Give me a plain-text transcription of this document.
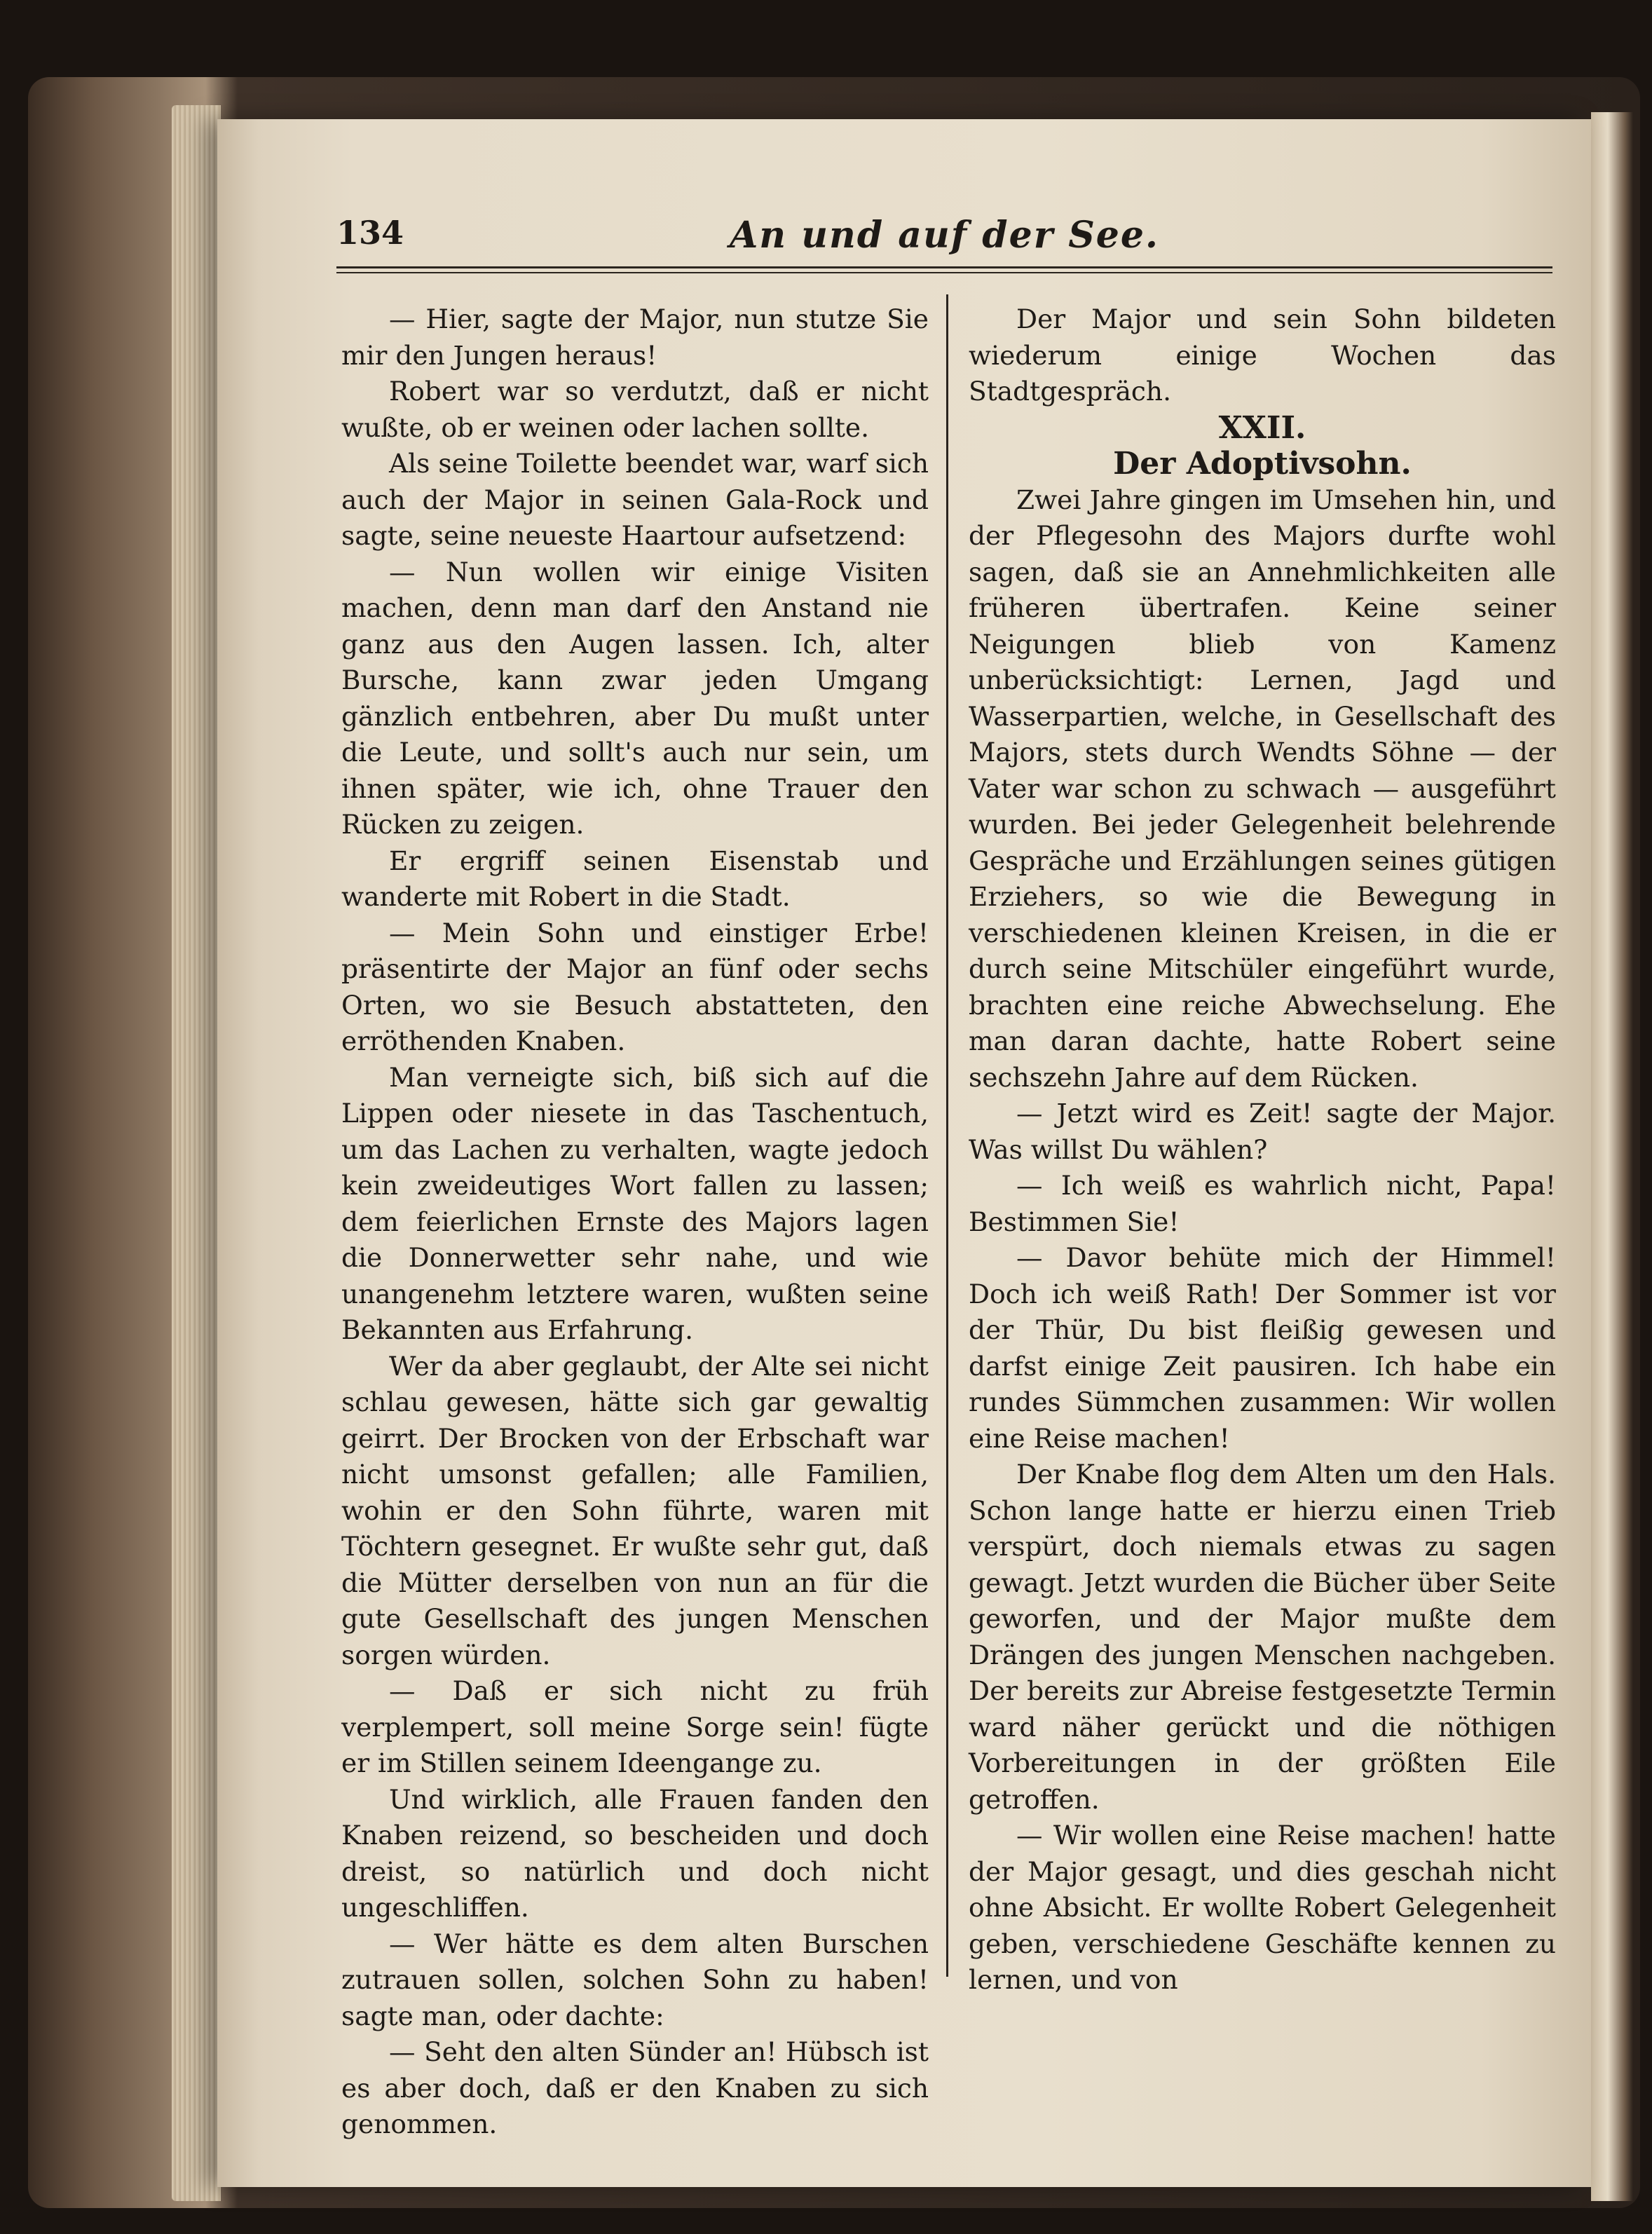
134	An und auf der See.

— Hier, sagte der Major, nun stutze Sie mir den Jungen heraus!

Robert war so verdutzt, daß er nicht wußte, ob er weinen oder lachen sollte.

Als seine Toilette beendet war, warf sich auch der Major in seinen Gala-Rock und sagte, seine neueste Haartour aufsetzend:

— Nun wollen wir einige Visiten machen, denn man darf den Anstand nie ganz aus den Augen lassen. Ich, alter Bursche, kann zwar jeden Umgang gänzlich entbehren, aber Du mußt unter die Leute, und sollt's auch nur sein, um ihnen später, wie ich, ohne Trauer den Rücken zu zeigen.

Er ergriff seinen Eisenstab und wanderte mit Robert in die Stadt.

— Mein Sohn und einstiger Erbe! präsentirte der Major an fünf oder sechs Orten, wo sie Besuch abstatteten, den erröthenden Knaben.

Man verneigte sich, biß sich auf die Lippen oder niesete in das Taschentuch, um das Lachen zu verhalten, wagte jedoch kein zweideutiges Wort fallen zu lassen; dem feierlichen Ernste des Majors lagen die Donnerwetter sehr nahe, und wie unangenehm letztere waren, wußten seine Bekannten aus Erfahrung.

Wer da aber geglaubt, der Alte sei nicht schlau gewesen, hätte sich gar gewaltig geirrt. Der Brocken von der Erbschaft war nicht umsonst gefallen; alle Familien, wohin er den Sohn führte, waren mit Töchtern gesegnet. Er wußte sehr gut, daß die Mütter derselben von nun an für die gute Gesellschaft des jungen Menschen sorgen würden.

— Daß er sich nicht zu früh verplempert, soll meine Sorge sein! fügte er im Stillen seinem Ideengange zu.

Und wirklich, alle Frauen fanden den Knaben reizend, so bescheiden und doch dreist, so natürlich und doch nicht ungeschliffen.

— Wer hätte es dem alten Burschen zutrauen sollen, solchen Sohn zu haben! sagte man, oder dachte:

— Seht den alten Sünder an! Hübsch ist es aber doch, daß er den Knaben zu sich genommen.

Der Major und sein Sohn bildeten wiederum einige Wochen das Stadtgespräch.

XXII.

Der Adoptivsohn.

Zwei Jahre gingen im Umsehen hin, und der Pflegesohn des Majors durfte wohl sagen, daß sie an Annehmlichkeiten alle früheren übertrafen. Keine seiner Neigungen blieb von Kamenz unberücksichtigt: Lernen, Jagd und Wasserpartien, welche, in Gesellschaft des Majors, stets durch Wendts Söhne — der Vater war schon zu schwach — ausgeführt wurden. Bei jeder Gelegenheit belehrende Gespräche und Erzählungen seines gütigen Erziehers, so wie die Bewegung in verschiedenen kleinen Kreisen, in die er durch seine Mitschüler eingeführt wurde, brachten eine reiche Abwechselung. Ehe man daran dachte, hatte Robert seine sechszehn Jahre auf dem Rücken.

— Jetzt wird es Zeit! sagte der Major. Was willst Du wählen?

— Ich weiß es wahrlich nicht, Papa! Bestimmen Sie!

— Davor behüte mich der Himmel! Doch ich weiß Rath! Der Sommer ist vor der Thür, Du bist fleißig gewesen und darfst einige Zeit pausiren. Ich habe ein rundes Sümmchen zusammen: Wir wollen eine Reise machen!

Der Knabe flog dem Alten um den Hals. Schon lange hatte er hierzu einen Trieb verspürt, doch niemals etwas zu sagen gewagt. Jetzt wurden die Bücher über Seite geworfen, und der Major mußte dem Drängen des jungen Menschen nachgeben. Der bereits zur Abreise festgesetzte Termin ward näher gerückt und die nöthigen Vorbereitungen in der größten Eile getroffen.

— Wir wollen eine Reise machen! hatte der Major gesagt, und dies geschah nicht ohne Absicht. Er wollte Robert Gelegenheit geben, verschiedene Geschäfte kennen zu lernen, und von
